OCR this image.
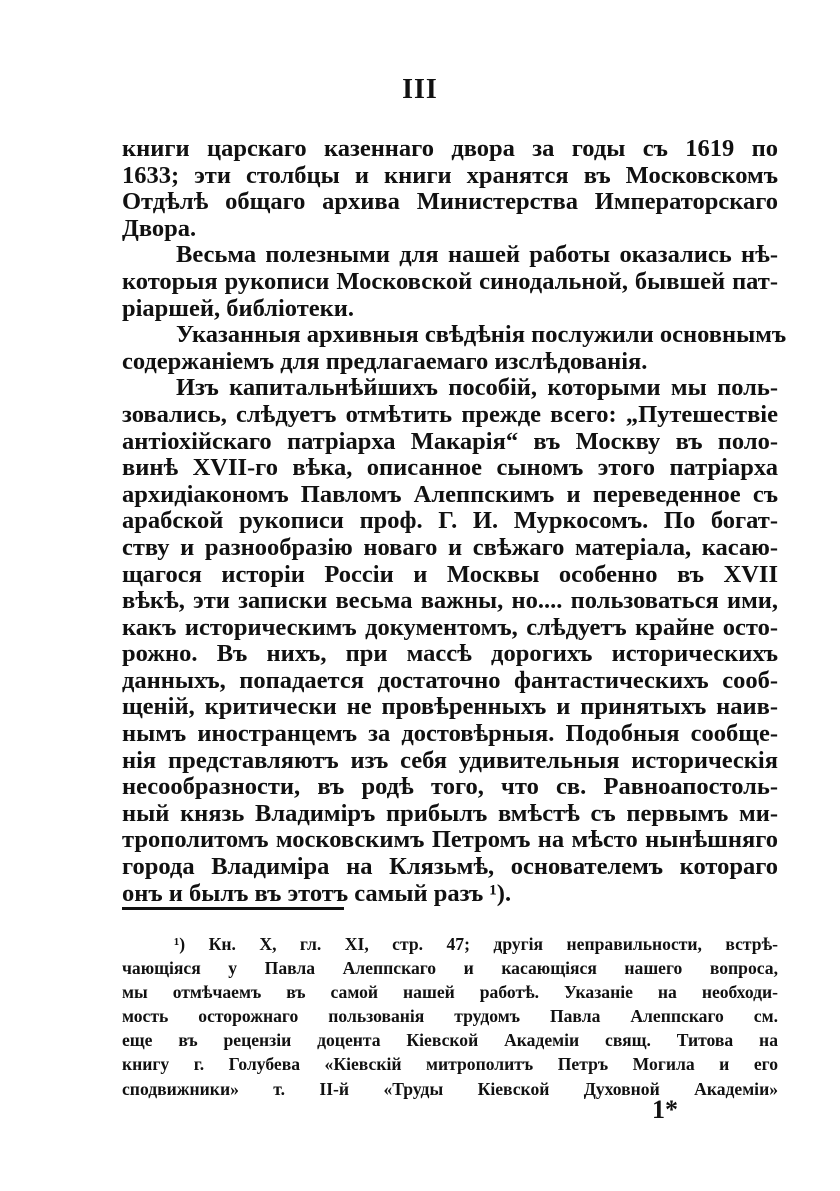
III
книги царскаго казеннаго двора за годы съ 1619 по
1633; эти столбцы и книги хранятся въ Московскомъ
Отдѣлѣ общаго архива Министерства Императорскаго
Двора.
Весьма полезными для нашей работы оказались нѣ-
которыя рукописи Московской синодальной, бывшей пат-
ріаршей, библіотеки.
Указанныя архивныя свѣдѣнія послужили основнымъ
содержаніемъ для предлагаемаго изслѣдованія.
Изъ капитальнѣйшихъ пособій, которыми мы поль-
зовались, слѣдуетъ отмѣтить прежде всего: „Путешествіе
антіохійскаго патріарха Макарія“ въ Москву въ поло-
винѣ XVII-го вѣка, описанное сыномъ этого патріарха
архидіакономъ Павломъ Алеппскимъ и переведенное съ
арабской рукописи проф. Г. И. Муркосомъ. По богат-
ству и разнообразію новаго и свѣжаго матеріала, касаю-
щагося исторіи Россіи и Москвы особенно въ XVII
вѣкѣ, эти записки весьма важны, но.... пользоваться ими,
какъ историческимъ документомъ, слѣдуетъ крайне осто-
рожно. Въ нихъ, при массѣ дорогихъ историческихъ
данныхъ, попадается достаточно фантастическихъ сооб-
щеній, критически не провѣренныхъ и принятыхъ наив-
нымъ иностранцемъ за достовѣрныя. Подобныя сообще-
нія представляютъ изъ себя удивительныя историческія
несообразности, въ родѣ того, что св. Равноапостоль-
ный князь Владиміръ прибылъ вмѣстѣ съ первымъ ми-
трополитомъ московскимъ Петромъ на мѣсто нынѣшняго
города Владиміра на Клязьмѣ, основателемъ котораго
онъ и былъ въ этотъ самый разъ ¹).
¹) Кн. X, гл. XI, стр. 47; другія неправильности, встрѣ-
чающіяся у Павла Алеппскаго и касающіяся нашего вопроса,
мы отмѣчаемъ въ самой нашей работѣ. Указаніе на необходи-
мость осторожнаго пользованія трудомъ Павла Алеппскаго см.
еще въ рецензіи доцента Кіевской Академіи свящ. Титова на
книгу г. Голубева «Кіевскій митрополитъ Петръ Могила и его
сподвижники» т. II-й «Труды Кіевской Духовной Академіи»
1*
